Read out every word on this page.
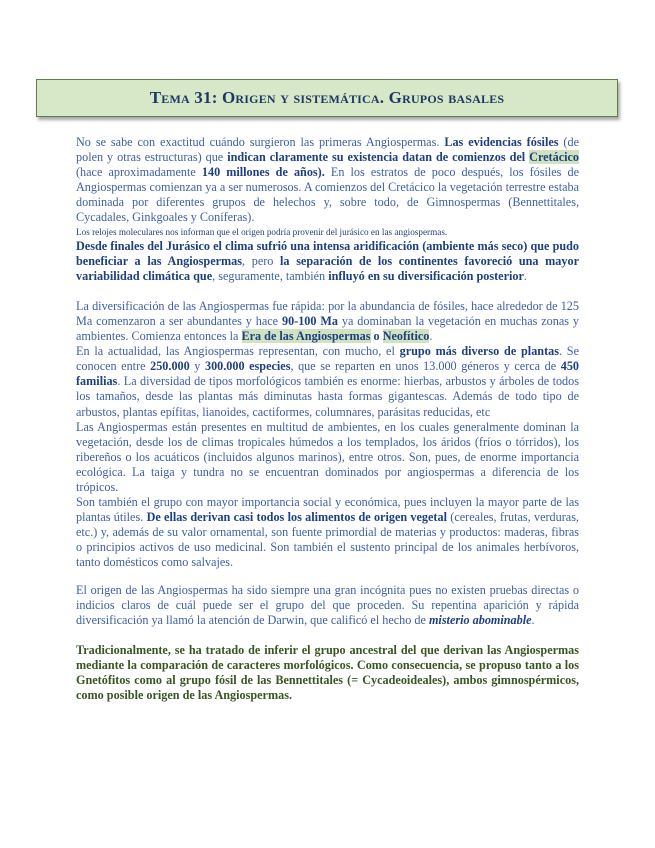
Tema 31: Origen y sistemática. Grupos basales

No se sabe con exactitud cuándo surgieron las primeras Angiospermas. Las evidencias fósiles (de polen y otras estructuras) que indican claramente su existencia datan de comienzos del Cretácico (hace aproximadamente 140 millones de años). En los estratos de poco después, los fósiles de Angiospermas comienzan ya a ser numerosos. A comienzos del Cretácico la vegetación terrestre estaba dominada por diferentes grupos de helechos y, sobre todo, de Gimnospermas (Bennettitales, Cycadales, Ginkgoales y Coníferas).

Los relojes moleculares nos informan que el origen podría provenir del jurásico en las angiospermas.

Desde finales del Jurásico el clima sufrió una intensa aridificación (ambiente más seco) que pudo beneficiar a las Angiospermas, pero la separación de los continentes favoreció una mayor variabilidad climática que, seguramente, también influyó en su diversificación posterior.

La diversificación de las Angiospermas fue rápida: por la abundancia de fósiles, hace alrededor de 125 Ma comenzaron a ser abundantes y hace 90-100 Ma ya dominaban la vegetación en muchas zonas y ambientes. Comienza entonces la Era de las Angiospermas o Neofítico.

En la actualidad, las Angiospermas representan, con mucho, el grupo más diverso de plantas. Se conocen entre 250.000 y 300.000 especies, que se reparten en unos 13.000 géneros y cerca de 450 familias. La diversidad de tipos morfológicos también es enorme: hierbas, arbustos y árboles de todos los tamaños, desde las plantas más diminutas hasta formas gigantescas. Además de todo tipo de arbustos, plantas epífitas, lianoides, cactiformes, columnares, parásitas reducidas, etc

Las Angiospermas están presentes en multitud de ambientes, en los cuales generalmente dominan la vegetación, desde los de climas tropicales húmedos a los templados, los áridos (fríos o tórridos), los ribereños o los acuáticos (incluidos algunos marinos), entre otros. Son, pues, de enorme importancia ecológica. La taiga y tundra no se encuentran dominados por angiospermas a diferencia de los trópicos.

Son también el grupo con mayor importancia social y económica, pues incluyen la mayor parte de las plantas útiles. De ellas derivan casi todos los alimentos de origen vegetal (cereales, frutas, verduras, etc.) y, además de su valor ornamental, son fuente primordial de materias y productos: maderas, fibras o principios activos de uso medicinal. Son también el sustento principal de los animales herbívoros, tanto domésticos como salvajes.

El origen de las Angiospermas ha sido siempre una gran incógnita pues no existen pruebas directas o indicios claros de cuál puede ser el grupo del que proceden. Su repentina aparición y rápida diversificación ya llamó la atención de Darwin, que calificó el hecho de misterio abominable.

Tradicionalmente, se ha tratado de inferir el grupo ancestral del que derivan las Angiospermas mediante la comparación de caracteres morfológicos. Como consecuencia, se propuso tanto a los Gnetófitos como al grupo fósil de las Bennettitales (= Cycadeoideales), ambos gimnospérmicos, como posible origen de las Angiospermas.
